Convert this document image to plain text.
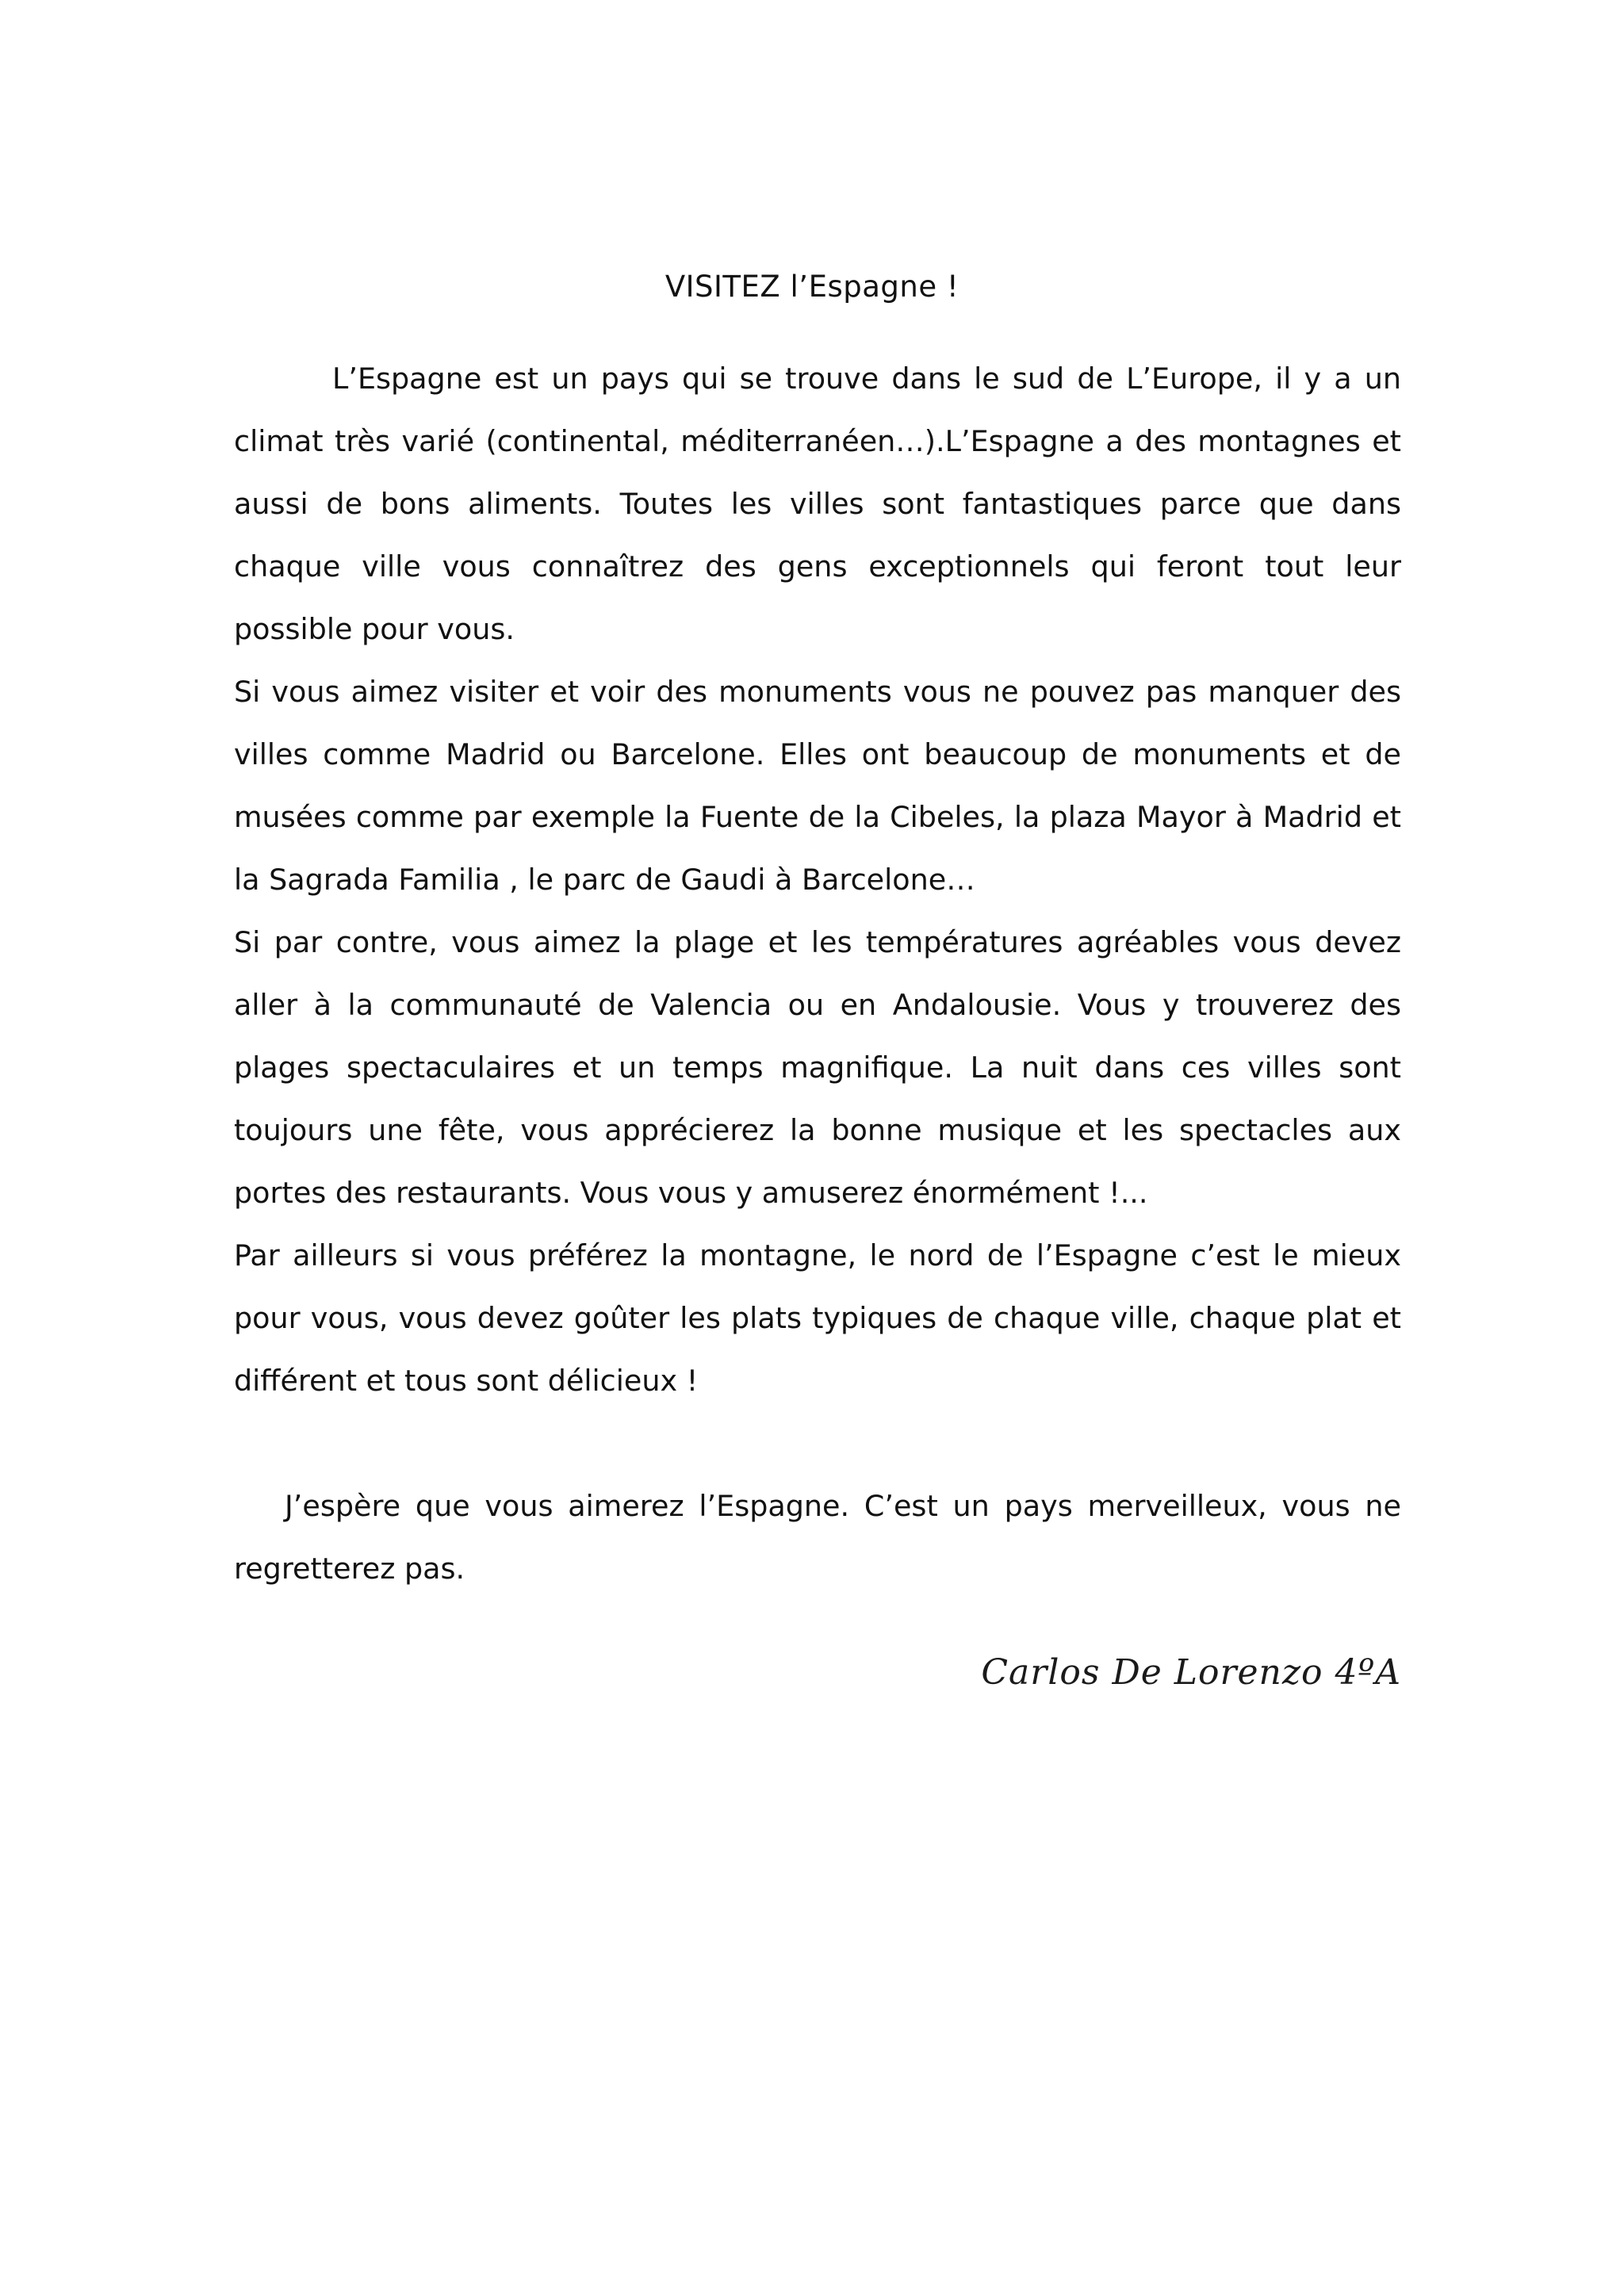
VISITEZ l’Espagne !

L’Espagne est un pays qui se trouve dans le sud de L’Europe, il y a un climat très varié (continental, méditerranéen…).L’Espagne a des montagnes et aussi de bons aliments. Toutes les villes sont fantastiques parce que dans chaque ville vous connaîtrez des gens exceptionnels qui feront tout leur possible pour vous.

Si vous aimez visiter et voir des monuments vous ne pouvez pas manquer des villes comme Madrid ou Barcelone. Elles ont beaucoup de monuments et de musées comme par exemple la Fuente de la Cibeles, la plaza Mayor à Madrid et la Sagrada Familia , le parc de Gaudi à Barcelone…

Si par contre, vous aimez la plage et les températures agréables vous devez aller à la communauté de Valencia ou en Andalousie. Vous y trouverez des plages spectaculaires et un temps magnifique. La nuit dans ces villes sont toujours une fête, vous apprécierez la bonne musique et les spectacles aux portes des restaurants. Vous vous y amuserez énormément !...

Par ailleurs si vous préférez la montagne, le nord de l’Espagne c’est le mieux pour vous, vous devez goûter les plats typiques de chaque ville, chaque plat et différent et tous sont délicieux !

J’espère que vous aimerez l’Espagne. C’est un pays merveilleux, vous ne regretterez pas.

Carlos De Lorenzo 4ºA
